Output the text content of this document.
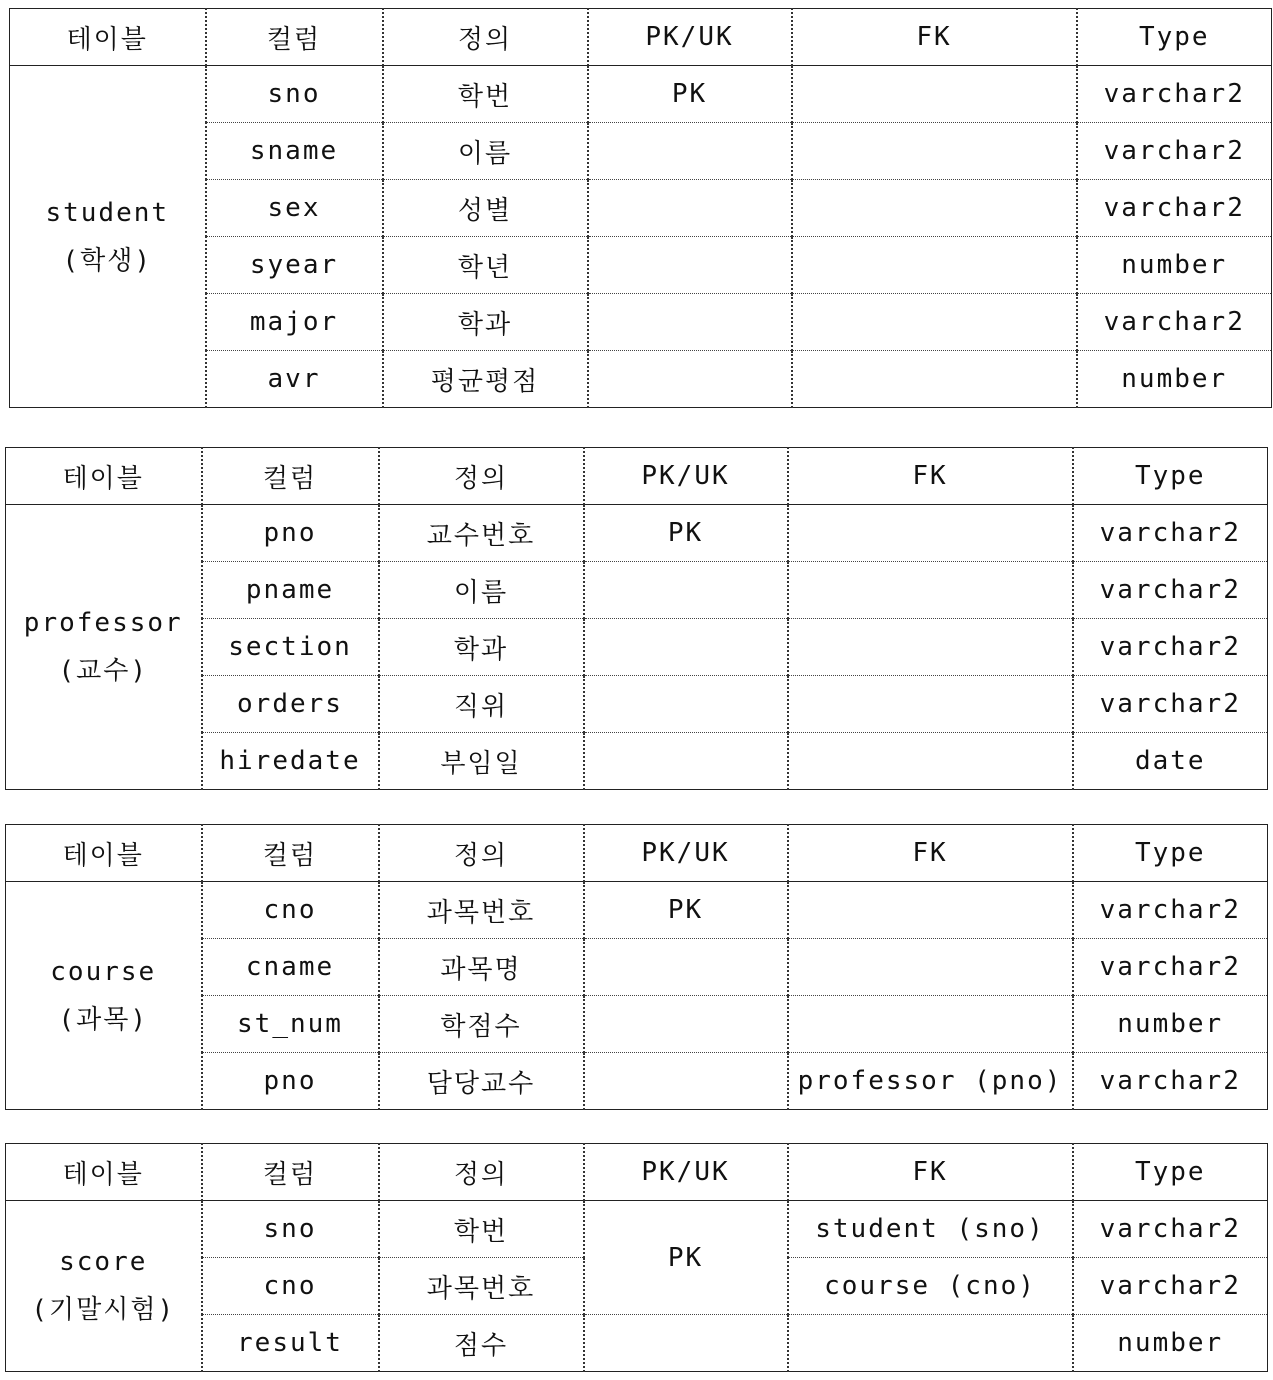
테이블	컬럼	정의	PK/UK	FK	Type

student
(학생)	sno	학번	PK		varchar2
	sname	이름			varchar2
	sex	성별			varchar2
	syear	학년			number
	major	학과			varchar2
	avr	평균평점			number
테이블	컬럼	정의	PK/UK	FK	Type

professor
(교수)	pno	교수번호	PK		varchar2
	pname	이름			varchar2
	section	학과			varchar2
	orders	직위			varchar2
	hiredate	부임일			date
테이블	컬럼	정의	PK/UK	FK	Type

course
(과목)	cno	과목번호	PK		varchar2
	cname	과목명			varchar2
	st_num	학점수			number
	pno	담당교수		professor (pno)	varchar2
테이블	컬럼	정의	PK/UK	FK	Type

score
(기말시험)	sno	학번	PK	student (sno)	varchar2
	cno	과목번호		course (cno)	varchar2
	result	점수			number
